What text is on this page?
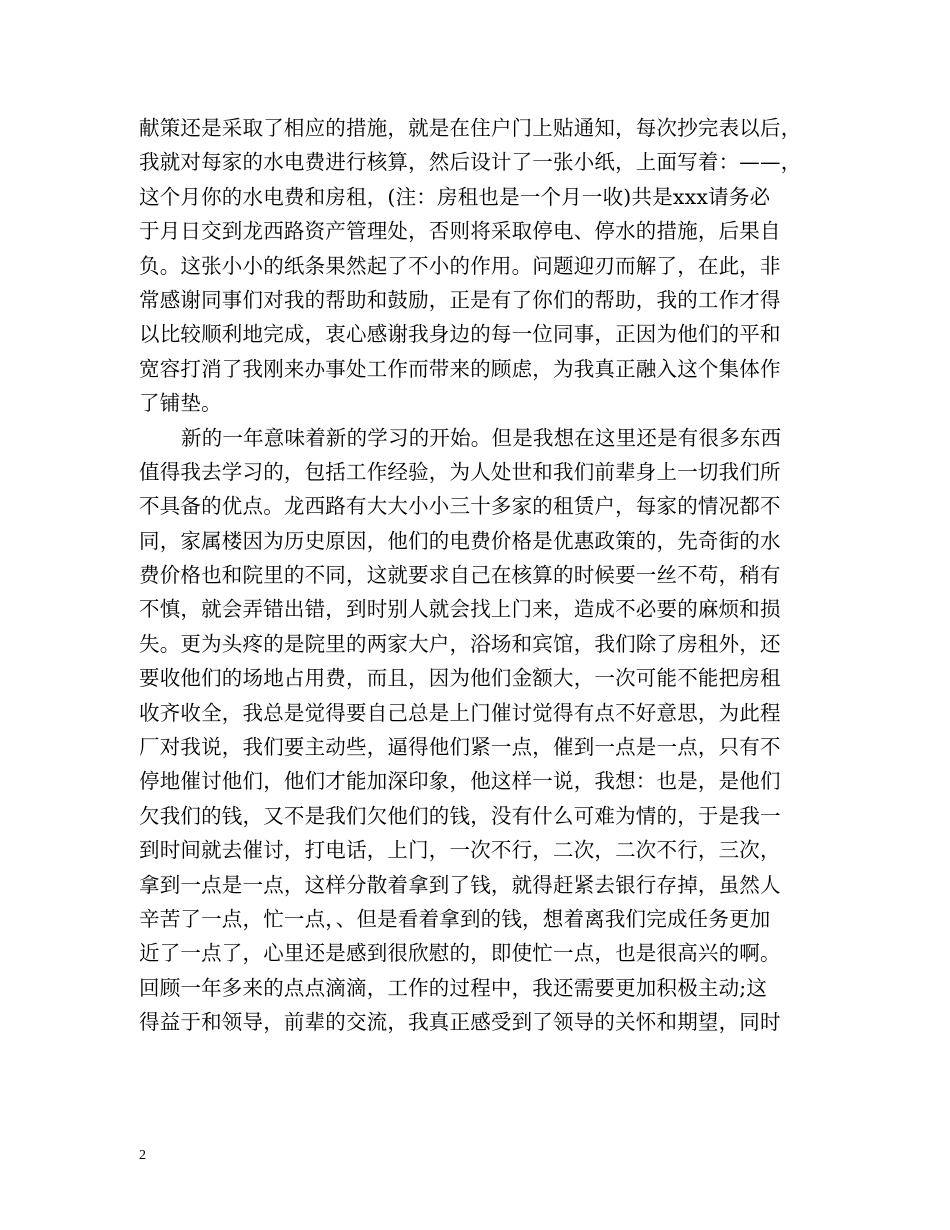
献策还是采取了相应的措施，就是在住户门上贴通知，每次抄完表以后，
我就对每家的水电费进行核算，然后设计了一张小纸，上面写着：——，
这个月你的水电费和房租，(注：房租也是一个月一收)共是xxx请务必
于月日交到龙西路资产管理处，否则将采取停电、停水的措施，后果自
负。这张小小的纸条果然起了不小的作用。问题迎刃而解了，在此，非
常感谢同事们对我的帮助和鼓励，正是有了你们的帮助，我的工作才得
以比较顺利地完成，衷心感谢我身边的每一位同事，正因为他们的平和
宽容打消了我刚来办事处工作而带来的顾虑，为我真正融入这个集体作
了铺垫。
新的一年意味着新的学习的开始。但是我想在这里还是有很多东西
值得我去学习的，包括工作经验，为人处世和我们前辈身上一切我们所
不具备的优点。龙西路有大大小小三十多家的租赁户，每家的情况都不
同，家属楼因为历史原因，他们的电费价格是优惠政策的，先奇街的水
费价格也和院里的不同，这就要求自己在核算的时候要一丝不苟，稍有
不慎，就会弄错出错，到时别人就会找上门来，造成不必要的麻烦和损
失。更为头疼的是院里的两家大户，浴场和宾馆，我们除了房租外，还
要收他们的场地占用费，而且，因为他们金额大，一次可能不能把房租
收齐收全，我总是觉得要自己总是上门催讨觉得有点不好意思，为此程
厂对我说，我们要主动些，逼得他们紧一点，催到一点是一点，只有不
停地催讨他们，他们才能加深印象，他这样一说，我想：也是，是他们
欠我们的钱，又不是我们欠他们的钱，没有什么可难为情的，于是我一
到时间就去催讨，打电话，上门，一次不行，二次，二次不行，三次，
拿到一点是一点，这样分散着拿到了钱，就得赶紧去银行存掉，虽然人
辛苦了一点，忙一点，、但是看着拿到的钱，想着离我们完成任务更加
近了一点了，心里还是感到很欣慰的，即使忙一点，也是很高兴的啊。
回顾一年多来的点点滴滴，工作的过程中，我还需要更加积极主动;这
得益于和领导，前辈的交流，我真正感受到了领导的关怀和期望，同时
2
